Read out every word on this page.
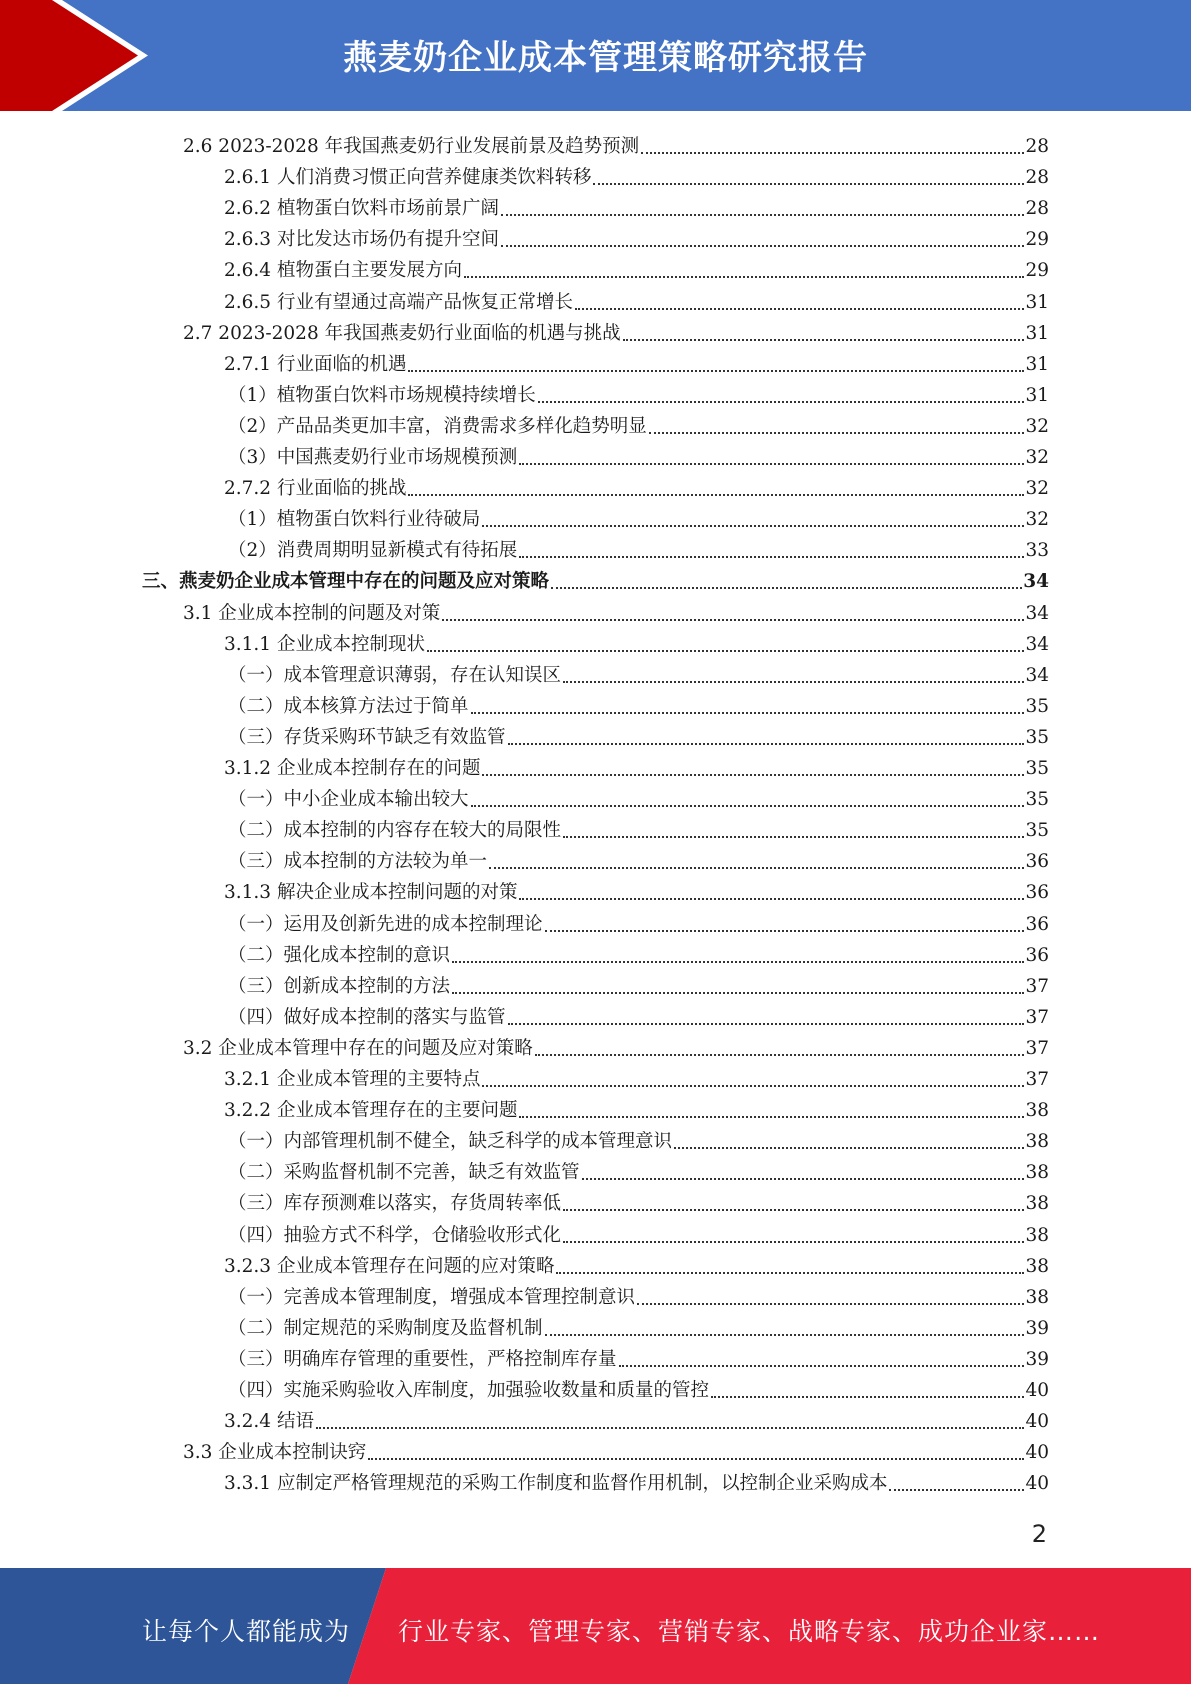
燕麦奶企业成本管理策略研究报告
2.6 2023-2028 年我国燕麦奶行业发展前景及趋势预测	28
2.6.1 人们消费习惯正向营养健康类饮料转移	28
2.6.2 植物蛋白饮料市场前景广阔	28
2.6.3 对比发达市场仍有提升空间	29
2.6.4 植物蛋白主要发展方向	29
2.6.5 行业有望通过高端产品恢复正常增长	31
2.7 2023-2028 年我国燕麦奶行业面临的机遇与挑战	31
2.7.1 行业面临的机遇	31
（1）植物蛋白饮料市场规模持续增长	31
（2）产品品类更加丰富，消费需求多样化趋势明显	32
（3）中国燕麦奶行业市场规模预测	32
2.7.2 行业面临的挑战	32
（1）植物蛋白饮料行业待破局	32
（2）消费周期明显新模式有待拓展	33
三、燕麦奶企业成本管理中存在的问题及应对策略	34
3.1 企业成本控制的问题及对策	34
3.1.1 企业成本控制现状	34
（一）成本管理意识薄弱，存在认知误区	34
（二）成本核算方法过于简单	35
（三）存货采购环节缺乏有效监管	35
3.1.2 企业成本控制存在的问题	35
（一）中小企业成本输出较大	35
（二）成本控制的内容存在较大的局限性	35
（三）成本控制的方法较为单一	36
3.1.3 解决企业成本控制问题的对策	36
（一）运用及创新先进的成本控制理论	36
（二）强化成本控制的意识	36
（三）创新成本控制的方法	37
（四）做好成本控制的落实与监管	37
3.2 企业成本管理中存在的问题及应对策略	37
3.2.1 企业成本管理的主要特点	37
3.2.2 企业成本管理存在的主要问题	38
（一）内部管理机制不健全，缺乏科学的成本管理意识	38
（二）采购监督机制不完善，缺乏有效监管	38
（三）库存预测难以落实，存货周转率低	38
（四）抽验方式不科学，仓储验收形式化	38
3.2.3 企业成本管理存在问题的应对策略	38
（一）完善成本管理制度，增强成本管理控制意识	38
（二）制定规范的采购制度及监督机制	39
（三）明确库存管理的重要性，严格控制库存量	39
（四）实施采购验收入库制度，加强验收数量和质量的管控	40
3.2.4 结语	40
3.3 企业成本控制诀窍	40
3.3.1 应制定严格管理规范的采购工作制度和监督作用机制，以控制企业采购成本	40
2
让每个人都能成为 行业专家、管理专家、营销专家、战略专家、成功企业家……
